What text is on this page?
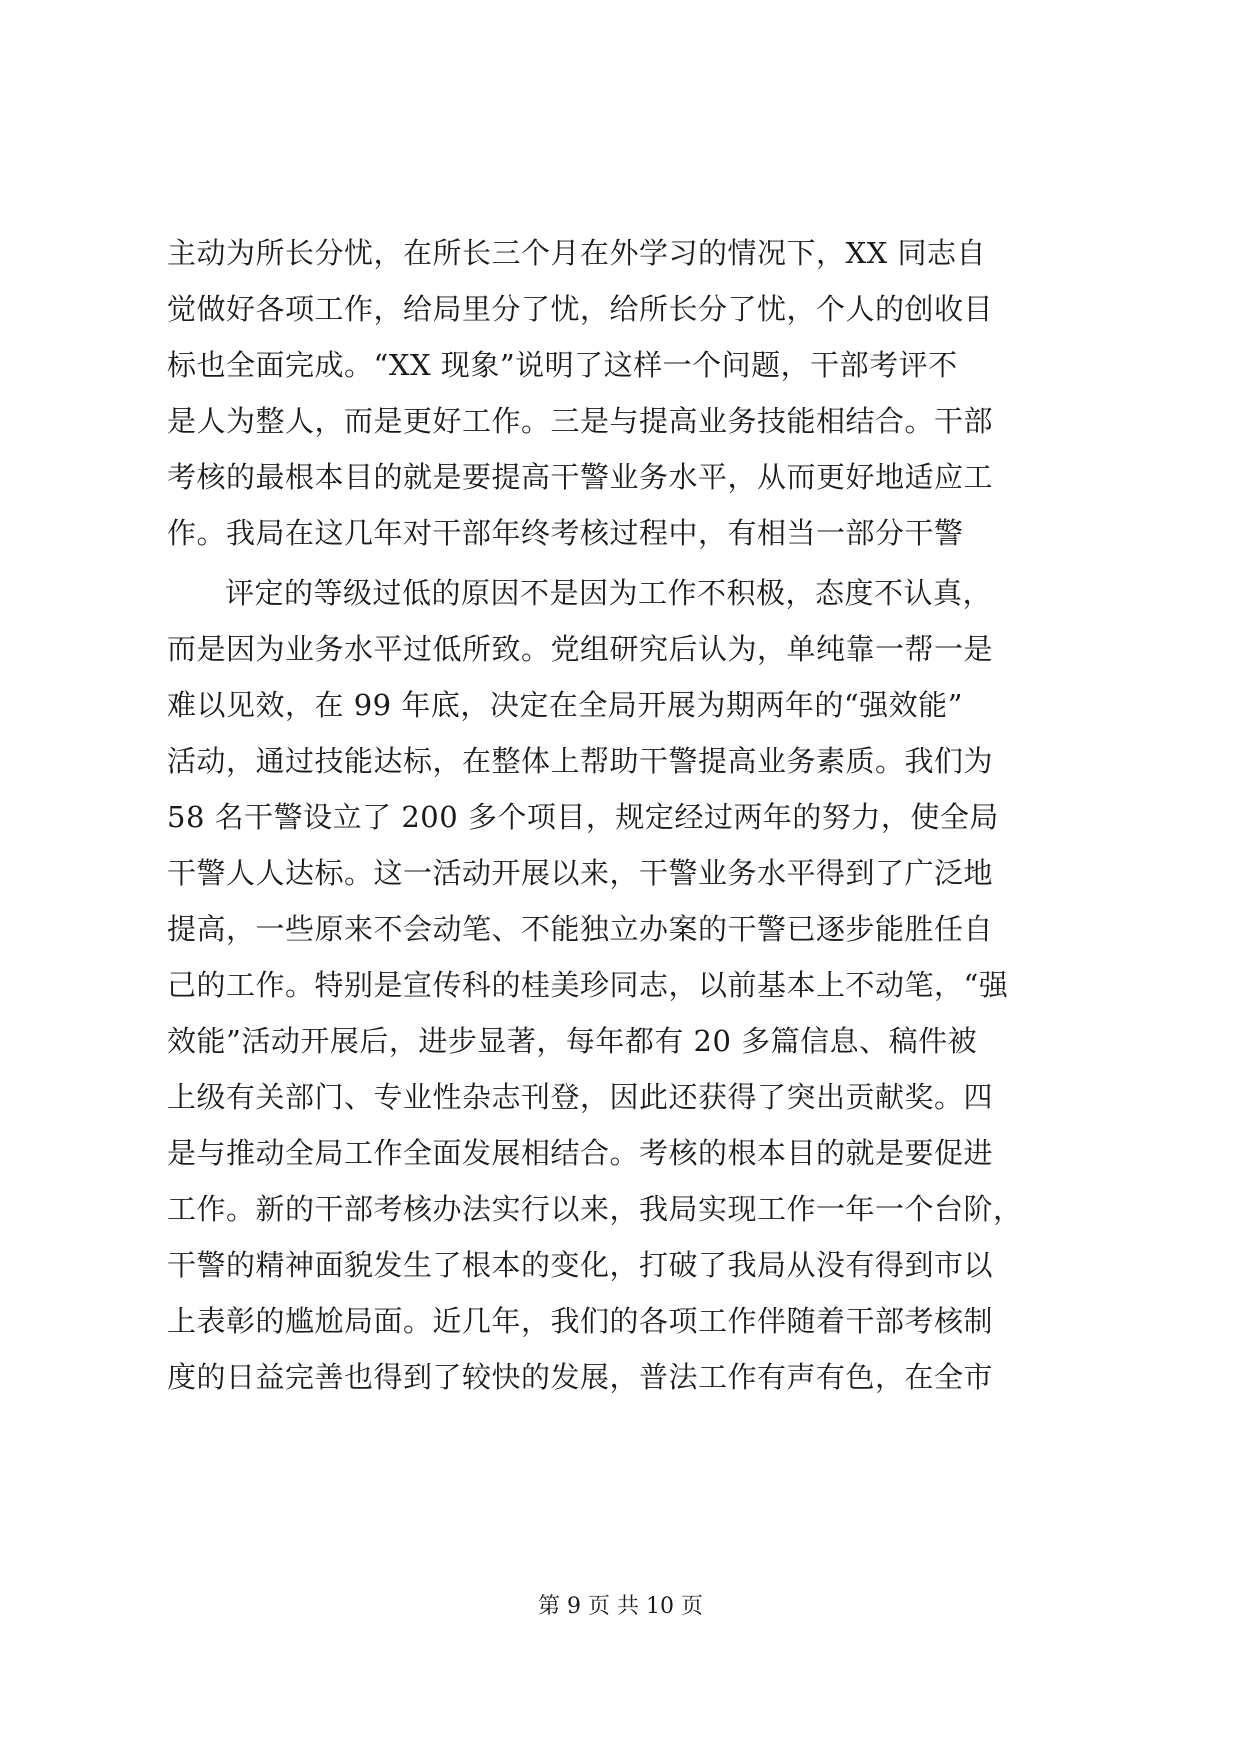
主动为所长分忧，在所长三个月在外学习的情况下，XX 同志自
觉做好各项工作，给局里分了忧，给所长分了忧，个人的创收目
标也全面完成。“XX 现象”说明了这样一个问题，干部考评不
是人为整人，而是更好工作。三是与提高业务技能相结合。干部
考核的最根本目的就是要提高干警业务水平，从而更好地适应工
作。我局在这几年对干部年终考核过程中，有相当一部分干警
评定的等级过低的原因不是因为工作不积极，态度不认真，
而是因为业务水平过低所致。党组研究后认为，单纯靠一帮一是
难以见效，在 99 年底，决定在全局开展为期两年的“强效能”
活动，通过技能达标，在整体上帮助干警提高业务素质。我们为
58 名干警设立了 200 多个项目，规定经过两年的努力，使全局
干警人人达标。这一活动开展以来，干警业务水平得到了广泛地
提高，一些原来不会动笔、不能独立办案的干警已逐步能胜任自
己的工作。特别是宣传科的桂美珍同志，以前基本上不动笔，“强
效能”活动开展后，进步显著，每年都有 20 多篇信息、稿件被
上级有关部门、专业性杂志刊登，因此还获得了突出贡献奖。四
是与推动全局工作全面发展相结合。考核的根本目的就是要促进
工作。新的干部考核办法实行以来，我局实现工作一年一个台阶，
干警的精神面貌发生了根本的变化，打破了我局从没有得到市以
上表彰的尴尬局面。近几年，我们的各项工作伴随着干部考核制
度的日益完善也得到了较快的发展，普法工作有声有色，在全市
第 9 页 共 10 页
